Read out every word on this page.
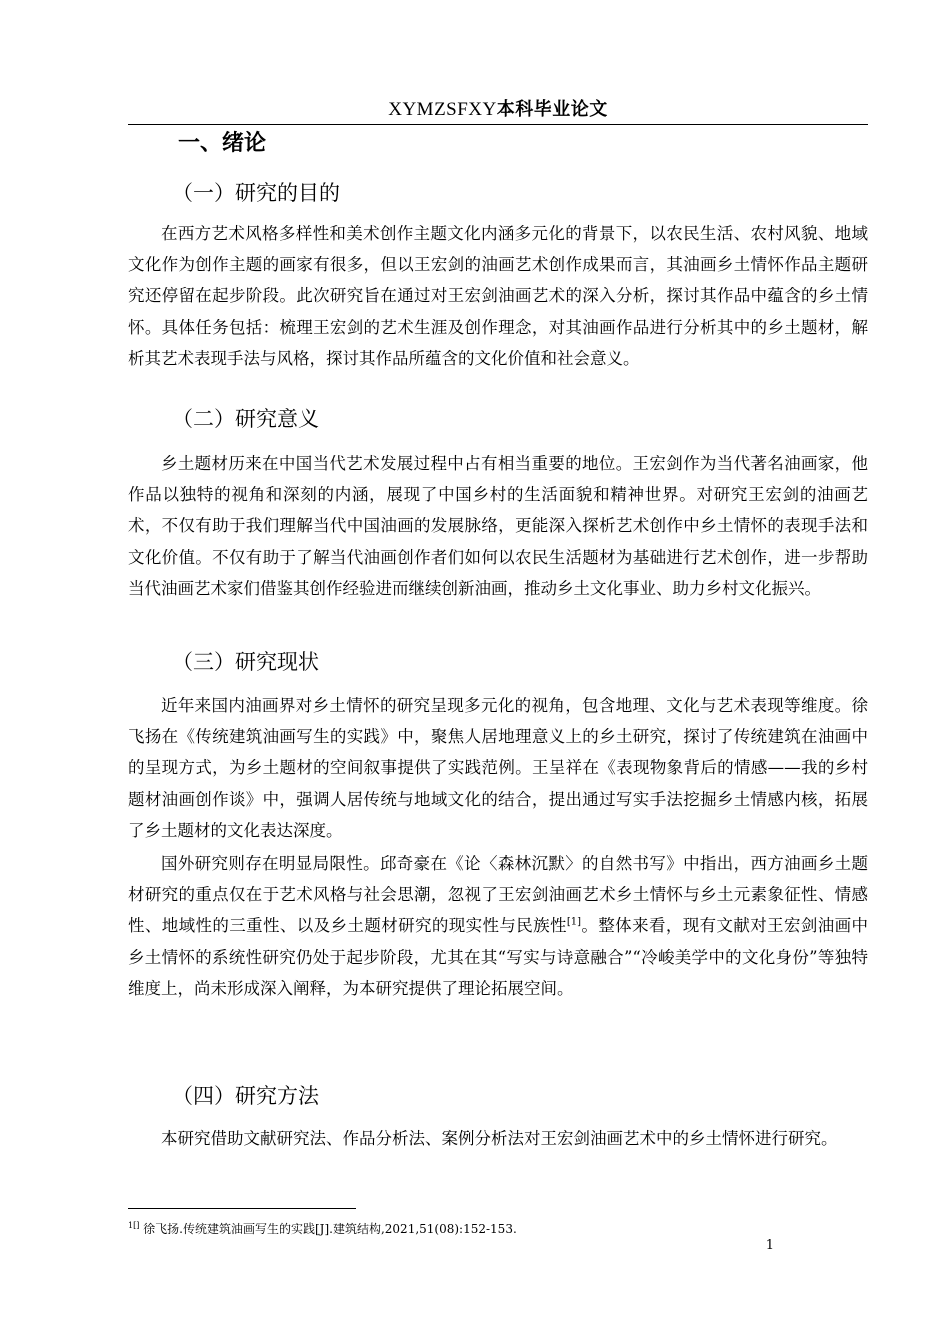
XYMZSFXY本科毕业论文
一、绪论
（一）研究的目的

在西方艺术风格多样性和美术创作主题文化内涵多元化的背景下，以农民生活、农村风貌、地域文化作为创作主题的画家有很多，但以王宏剑的油画艺术创作成果而言，其油画乡土情怀作品主题研究还停留在起步阶段。此次研究旨在通过对王宏剑油画艺术的深入分析，探讨其作品中蕴含的乡土情怀。具体任务包括：梳理王宏剑的艺术生涯及创作理念，对其油画作品进行分析其中的乡土题材，解析其艺术表现手法与风格，探讨其作品所蕴含的文化价值和社会意义。

（二）研究意义

乡土题材历来在中国当代艺术发展过程中占有相当重要的地位。王宏剑作为当代著名油画家，他作品以独特的视角和深刻的内涵，展现了中国乡村的生活面貌和精神世界。对研究王宏剑的油画艺术，不仅有助于我们理解当代中国油画的发展脉络，更能深入探析艺术创作中乡土情怀的表现手法和文化价值。不仅有助于了解当代油画创作者们如何以农民生活题材为基础进行艺术创作，进一步帮助当代油画艺术家们借鉴其创作经验进而继续创新油画，推动乡土文化事业、助力乡村文化振兴。

（三）研究现状

近年来国内油画界对乡土情怀的研究呈现多元化的视角，包含地理、文化与艺术表现等维度。徐飞扬在《传统建筑油画写生的实践》中，聚焦人居地理意义上的乡土研究，探讨了传统建筑在油画中的呈现方式，为乡土题材的空间叙事提供了实践范例。王呈祥在《表现物象背后的情感——我的乡村题材油画创作谈》中，强调人居传统与地域文化的结合，提出通过写实手法挖掘乡土情感内核，拓展了乡土题材的文化表达深度。

国外研究则存在明显局限性。邱奇豪在《论〈森林沉默〉的自然书写》中指出，西方油画乡土题材研究的重点仅在于艺术风格与社会思潮，忽视了王宏剑油画艺术乡土情怀与乡土元素象征性、情感性、地域性的三重性、以及乡土题材研究的现实性与民族性[1]。整体来看，现有文献对王宏剑油画中乡土情怀的系统性研究仍处于起步阶段，尤其在其“写实与诗意融合”“冷峻美学中的文化身份”等独特维度上，尚未形成深入阐释，为本研究提供了理论拓展空间。

（四）研究方法

本研究借助文献研究法、作品分析法、案例分析法对王宏剑油画艺术中的乡土情怀进行研究。

$^{1[]}$ 徐飞扬.传统建筑油画写生的实践[J].建筑结构,2021,51(08):152-153.
1
